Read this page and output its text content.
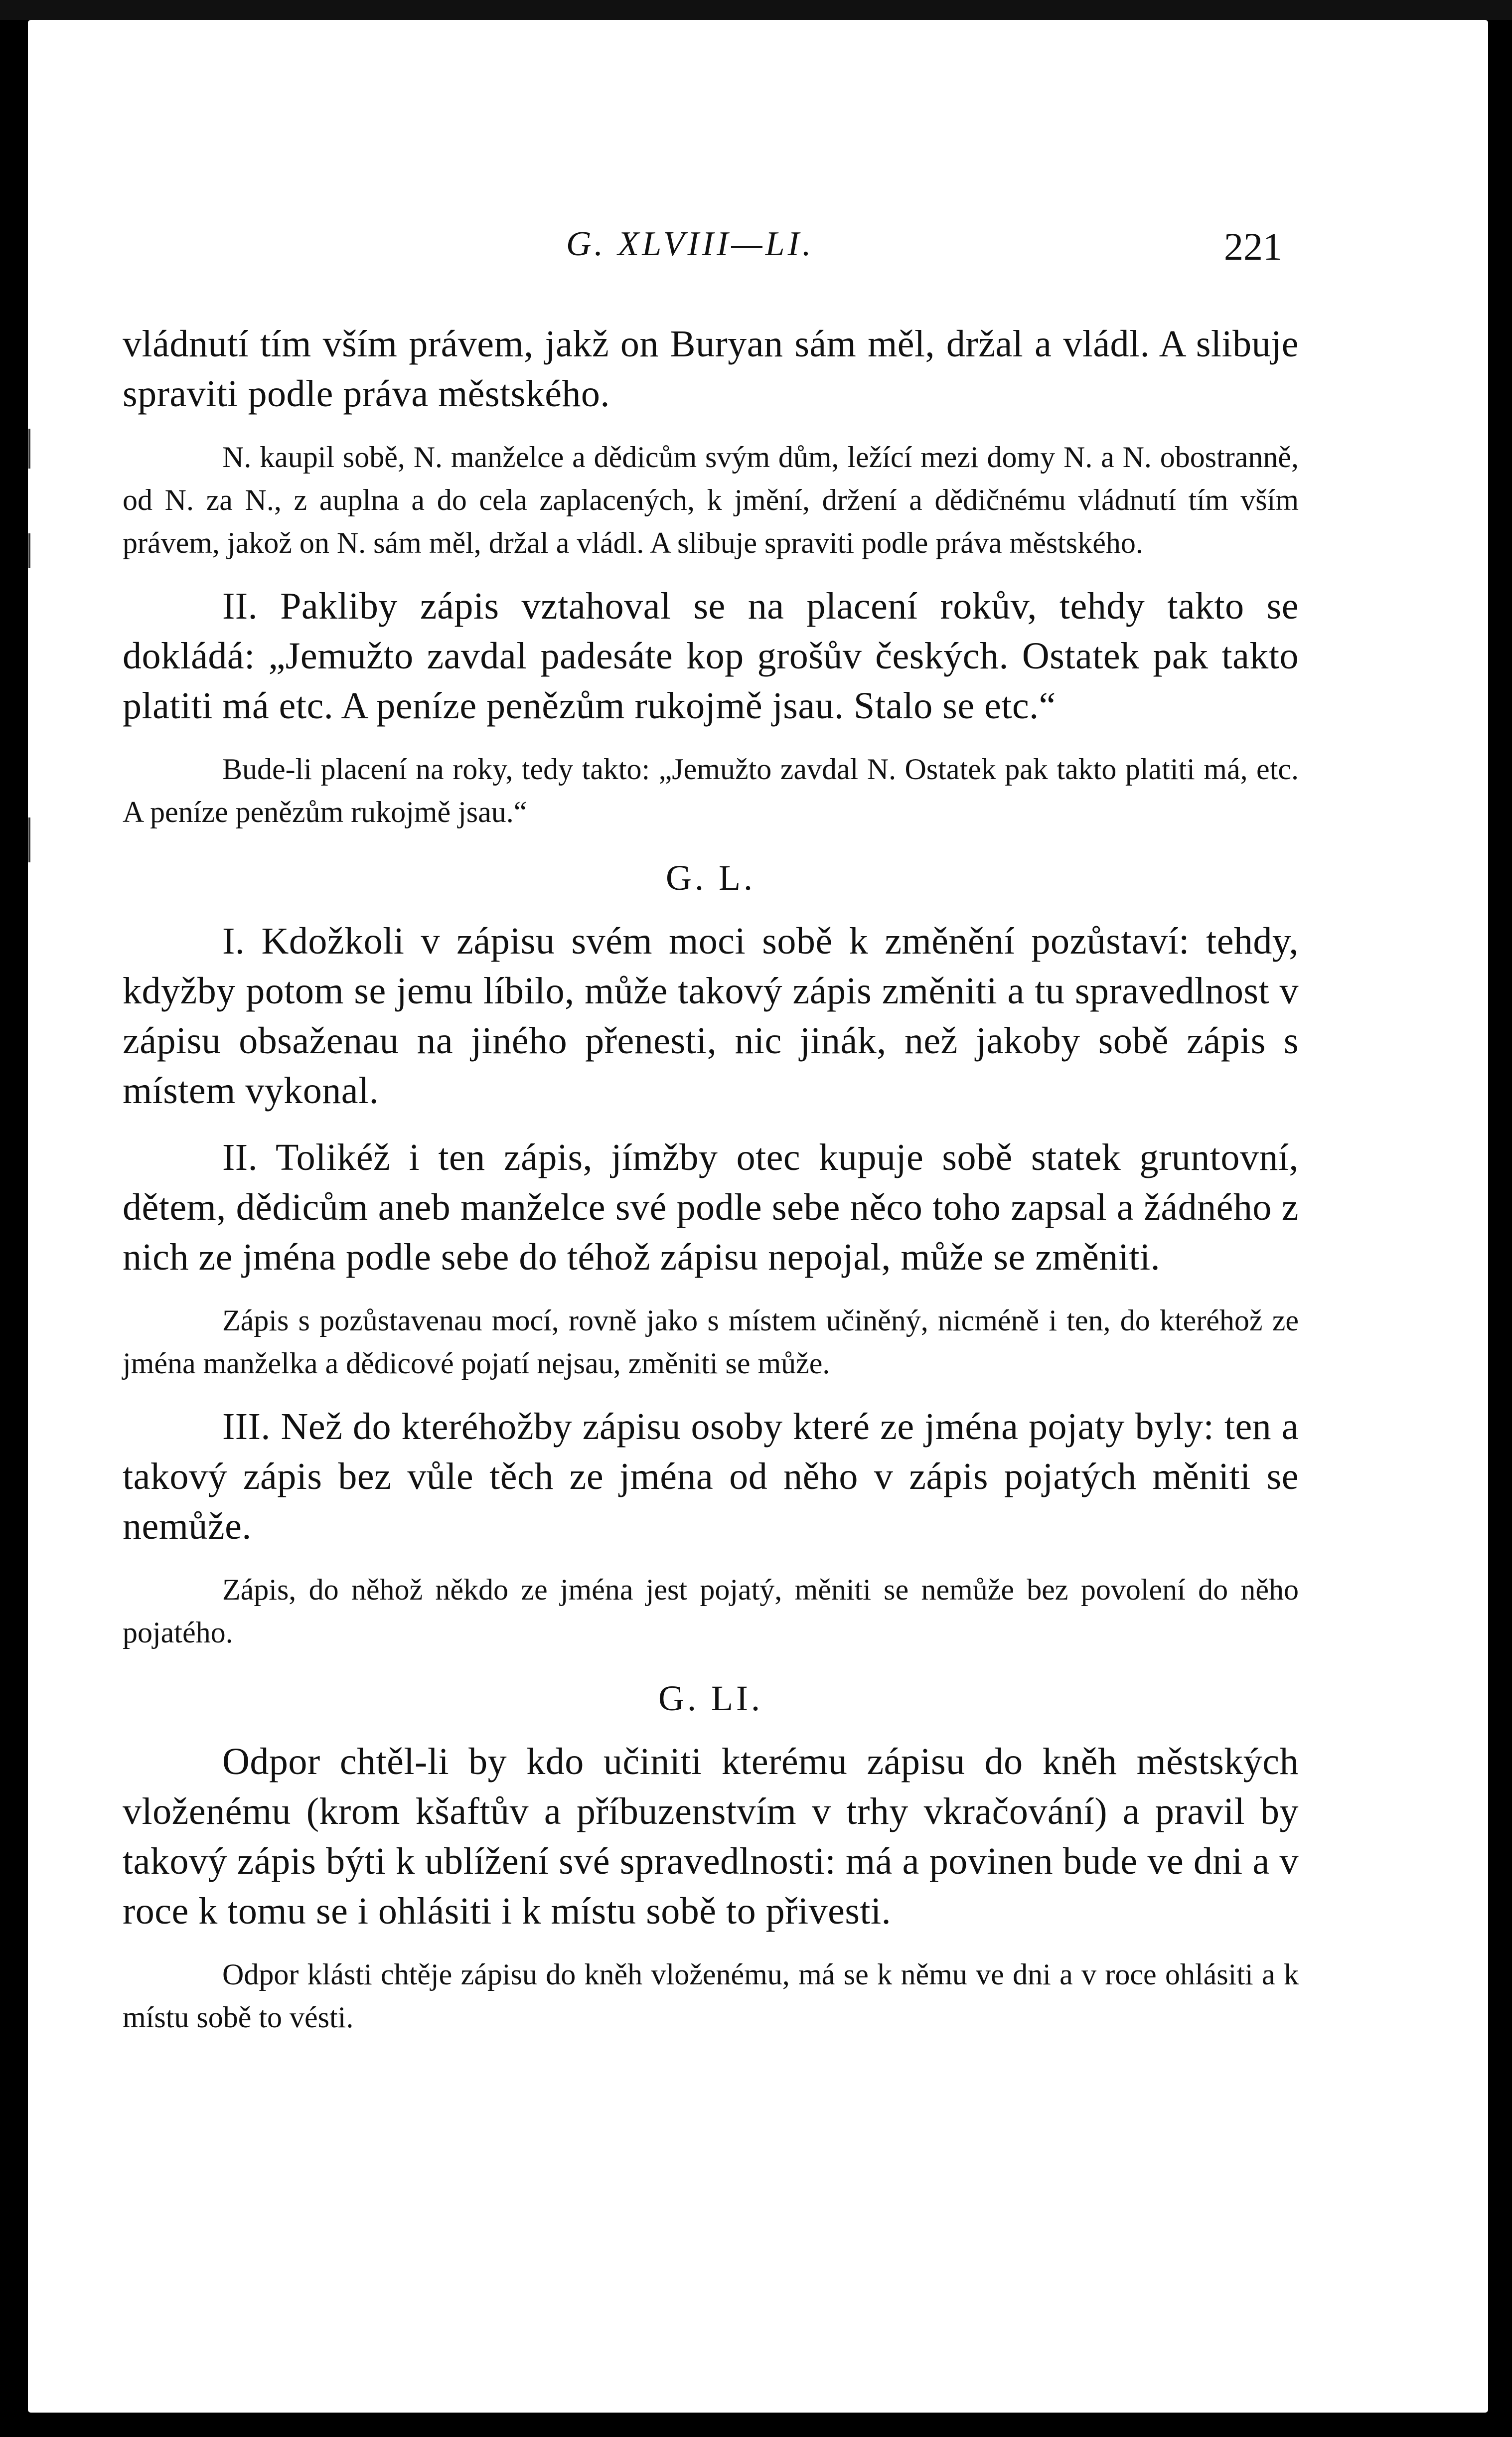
G. XLVIII—LI.	221

vládnutí tím vším právem, jakž on Buryan sám měl, držal a vládl. A slibuje spraviti podle práva městského.

N. kaupil sobě, N. manželce a dědicům svým dům, ležící mezi domy N. a N. obostranně, od N. za N., z auplna a do cela zaplacených, k jmění, držení a dědičnému vládnutí tím vším právem, jakož on N. sám měl, držal a vládl. A slibuje spraviti podle práva městského.

II. Pakliby zápis vztahoval se na placení rokův, tehdy takto se dokládá: „Jemužto zavdal padesáte kop grošův českých. Ostatek pak takto platiti má etc. A peníze penězům rukojmě jsau. Stalo se etc.“

Bude-li placení na roky, tedy takto: „Jemužto zavdal N. Ostatek pak takto platiti má, etc. A peníze penězům rukojmě jsau.“

G. L.

I. Kdožkoli v zápisu svém moci sobě k změnění pozůstaví: tehdy, kdyžby potom se jemu líbilo, může takový zápis změniti a tu spravedlnost v zápisu obsaženau na jiného přenesti, nic jinák, než jakoby sobě zápis s místem vykonal.

II. Tolikéž i ten zápis, jímžby otec kupuje sobě statek gruntovní, dětem, dědicům aneb manželce své podle sebe něco toho zapsal a žádného z nich ze jména podle sebe do téhož zápisu nepojal, může se změniti.

Zápis s pozůstavenau mocí, rovně jako s místem učiněný, nicméně i ten, do kteréhož ze jména manželka a dědicové pojatí nejsau, změniti se může.

III. Než do kteréhožby zápisu osoby které ze jména pojaty byly: ten a takový zápis bez vůle těch ze jména od něho v zápis pojatých měniti se nemůže.

Zápis, do něhož někdo ze jména jest pojatý, měniti se nemůže bez povolení do něho pojatého.

G. LI.

Odpor chtěl-li by kdo učiniti kterému zápisu do kněh městských vloženému (krom kšaftův a příbuzenstvím v trhy vkračování) a pravil by takový zápis býti k ublížení své spravedlnosti: má a povinen bude ve dni a v roce k tomu se i ohlásiti i k místu sobě to přivesti.

Odpor klásti chtěje zápisu do kněh vloženému, má se k němu ve dni a v roce ohlásiti a k místu sobě to vésti.
